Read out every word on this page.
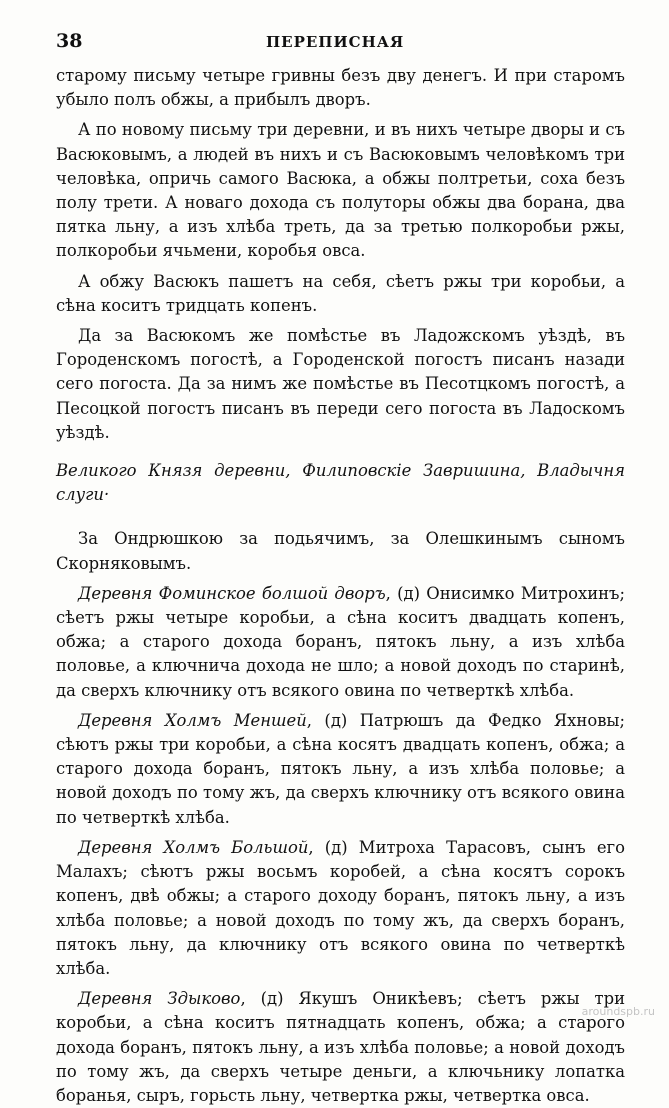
38	ПЕРЕПИСНАЯ

старому письму четыре гривны безъ дву денегъ. И при старомъ убыло полъ обжы, а прибылъ дворъ.

А по новому письму три деревни, и въ нихъ четыре дворы и съ Васюковымъ, а людей въ нихъ и съ Васюковымъ человѣкомъ три человѣка, опричь самого Васюка, а обжы полтретьи, соха безъ полу трети. А новаго дохода съ полуторы обжы два борана, два пятка льну, а изъ хлѣба треть, да за третью полкоробьи ржы, полкоробьи ячьмени, коробья овса.

А обжу Васюкъ пашетъ на себя, сѣетъ ржы три коробьи, а сѣна коситъ тридцать копенъ.

Да за Васюкомъ же помѣстье въ Ладожскомъ уѣздѣ, въ Городенскомъ погостѣ, а Городенской погостъ писанъ назади сего погоста. Да за нимъ же помѣстье въ Песотцкомъ погостѣ, а Песоцкой погостъ писанъ въ переди сего погоста въ Ладоскомъ уѣздѣ.

Великого Князя деревни, Филиповскiе Завришина, Владычня слуги·

За Ондрюшкою за подьячимъ, за Олешкинымъ сыномъ Скорняковымъ.

Деревня Фоминское болшой дворъ, (д) Онисимко Митрохинъ; сѣетъ ржы четыре коробьи, а сѣна коситъ двадцать копенъ, обжа; а старого дохода боранъ, пятокъ льну, а изъ хлѣба половье, а ключнича дохода не шло; а новой доходъ по старинѣ, да сверхъ ключнику отъ всякого овина по четверткѣ хлѣба.

Деревня Холмъ Меншей, (д) Патрюшъ да Федко Яхновы; сѣютъ ржы три коробьи, а сѣна косятъ двадцать копенъ, обжа; а старого дохода боранъ, пятокъ льну, а изъ хлѣба половье; а новой доходъ по тому жъ, да сверхъ ключнику отъ всякого овина по четверткѣ хлѣба.

Деревня Холмъ Большой, (д) Митроха Тарасовъ, сынъ его Малахъ; сѣютъ ржы восьмъ коробей, а сѣна косятъ сорокъ копенъ, двѣ обжы; а старого доходу боранъ, пятокъ льну, а изъ хлѣба половье; а новой доходъ по тому жъ, да сверхъ боранъ, пятокъ льну, да ключнику отъ всякого овина по четверткѣ хлѣба.

Деревня Здыково, (д) Якушъ Оникѣевъ; сѣетъ ржы три коробьи, а сѣна коситъ пятнадцать копенъ, обжа; а старого дохода боранъ, пятокъ льну, а изъ хлѣба половье; а новой доходъ по тому жъ, да сверхъ четыре деньги, а ключьнику лопатка боранья, сыръ, горьсть льну, четвертка ржы, четвертка овса.

aroundspb.ru
